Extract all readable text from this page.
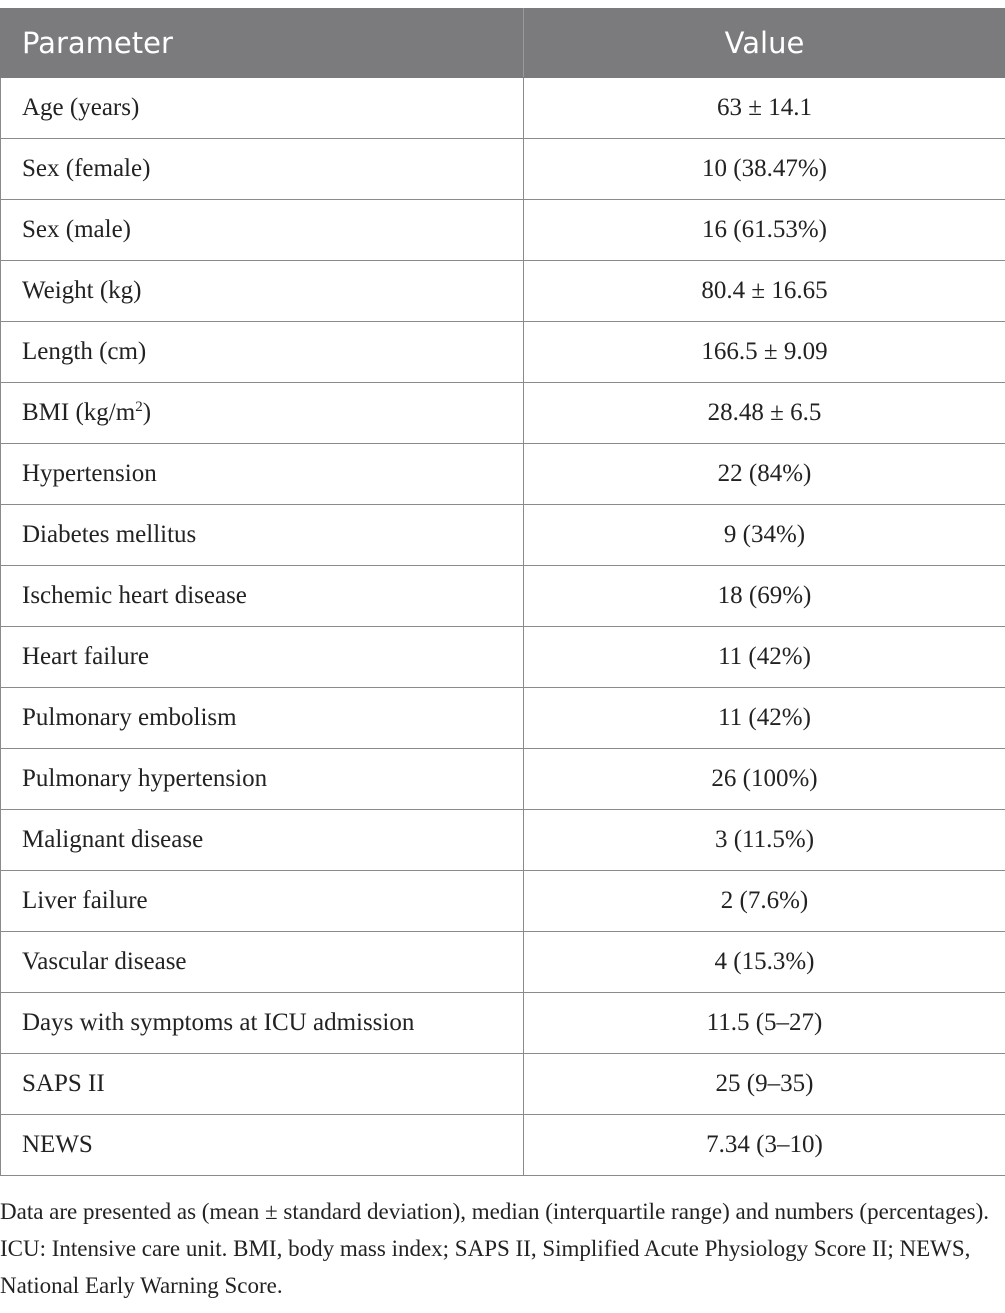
Parameter	Value
Age (years)	63 ± 14.1
Sex (female)	10 (38.47%)
Sex (male)	16 (61.53%)
Weight (kg)	80.4 ± 16.65
Length (cm)	166.5 ± 9.09
BMI $(kg/m^2)$	28.48 ± 6.5
Hypertension	22 (84%)
Diabetes mellitus	9 (34%)
Ischemic heart disease	18 (69%)
Heart failure	11 (42%)
Pulmonary embolism	11 (42%)
Pulmonary hypertension	26 (100%)
Malignant disease	3 (11.5%)
Liver failure	2 (7.6%)
Vascular disease	4 (15.3%)
Days with symptoms at ICU admission	11.5 (5–27)
SAPS II	25 (9–35)
NEWS	7.34 (3–10)

Data are presented as (mean ± standard deviation), median (interquartile range) and numbers (percentages). ICU: Intensive care unit. BMI, body mass index; SAPS II, Simplified Acute Physiology Score II; NEWS, National Early Warning Score.
